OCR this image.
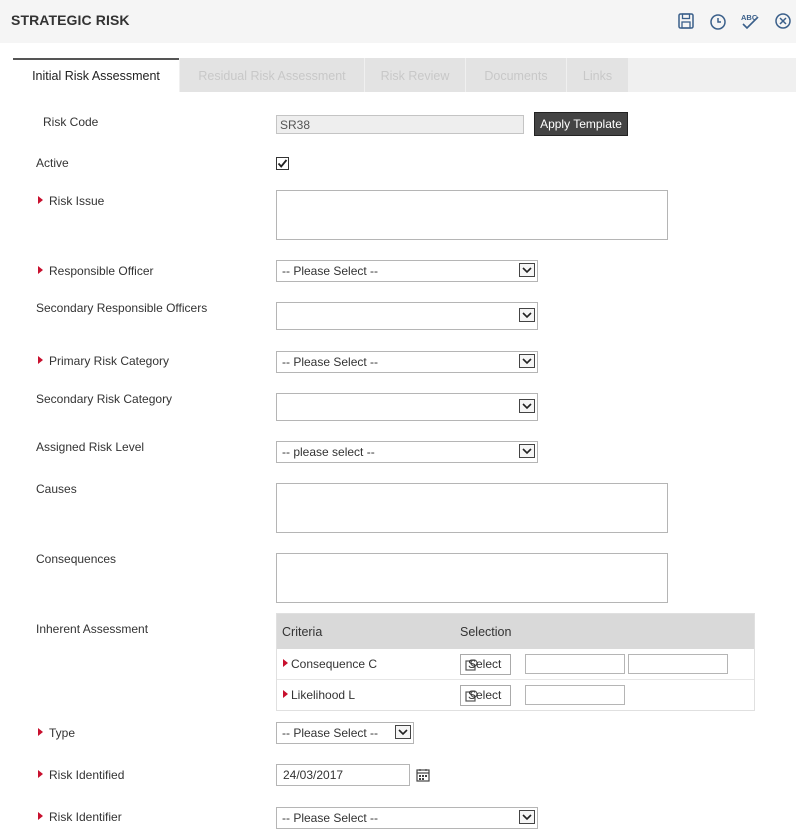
STRATEGIC RISK	ABC
Initial Risk Assessment	Residual Risk Assessment	Risk Review	Documents	Links
Risk Code	SR38	Apply Template
Active
Risk Issue
Responsible Officer	-- Please Select --
Secondary Responsible Officers
Primary Risk Category	-- Please Select --
Secondary Risk Category
Assigned Risk Level	-- please select --
Causes
Consequences
Inherent Assessment	Criteria	Selection
Consequence C	Select
Likelihood L	Select
Type	-- Please Select --
Risk Identified	24/03/2017
Risk Identifier	-- Please Select --
